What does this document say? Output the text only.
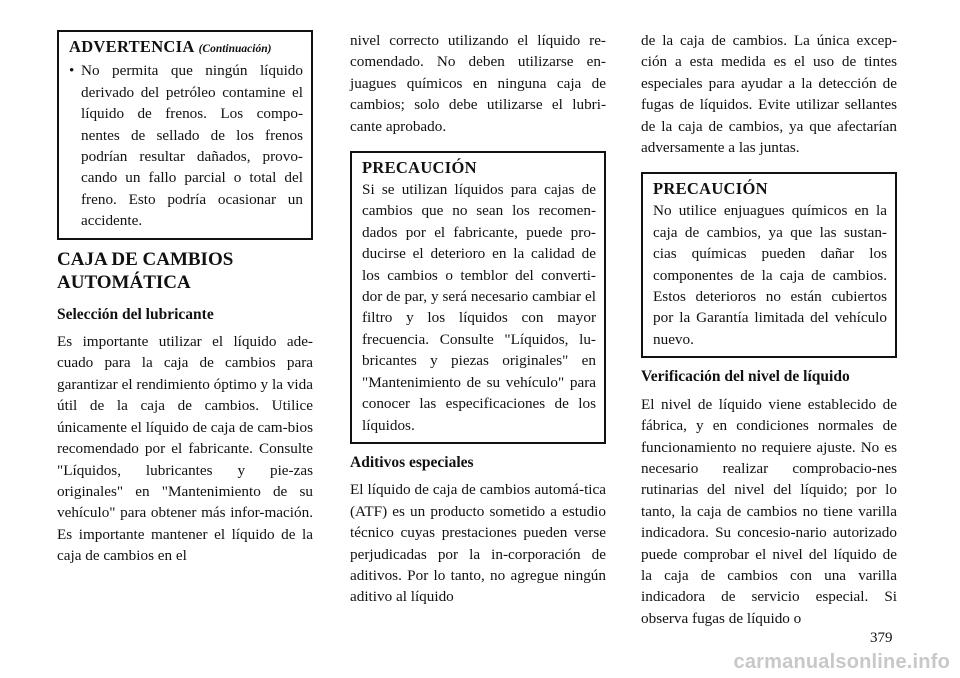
ADVERTENCIA (Continuación)
• No permita que ningún líquido derivado del petróleo contamine el líquido de frenos. Los compo-nentes de sellado de los frenos podrían resultar dañados, provo-cando un fallo parcial o total del freno. Esto podría ocasionar un accidente.
CAJA DE CAMBIOS AUTOMÁTICA
Selección del lubricante

Es importante utilizar el líquido ade-cuado para la caja de cambios para garantizar el rendimiento óptimo y la vida útil de la caja de cambios. Utilice únicamente el líquido de caja de cam-bios recomendado por el fabricante. Consulte "Líquidos, lubricantes y pie-zas originales" en "Mantenimiento de su vehículo" para obtener más infor-mación. Es importante mantener el líquido de la caja de cambios en el

nivel correcto utilizando el líquido re-comendado. No deben utilizarse en-juagues químicos en ninguna caja de cambios; solo debe utilizarse el lubri-cante aprobado.

PRECAUCIÓN
Si se utilizan líquidos para cajas de cambios que no sean los recomen-dados por el fabricante, puede pro-ducirse el deterioro en la calidad de los cambios o temblor del converti-dor de par, y será necesario cambiar el filtro y los líquidos con mayor frecuencia. Consulte "Líquidos, lu-bricantes y piezas originales" en "Mantenimiento de su vehículo" para conocer las especificaciones de los líquidos.
Aditivos especiales

El líquido de caja de cambios automá-tica (ATF) es un producto sometido a estudio técnico cuyas prestaciones pueden verse perjudicadas por la in-corporación de aditivos. Por lo tanto, no agregue ningún aditivo al líquido

de la caja de cambios. La única excep-ción a esta medida es el uso de tintes especiales para ayudar a la detección de fugas de líquidos. Evite utilizar sellantes de la caja de cambios, ya que afectarían adversamente a las juntas.

PRECAUCIÓN
No utilice enjuagues químicos en la caja de cambios, ya que las sustan-cias químicas pueden dañar los componentes de la caja de cambios. Estos deterioros no están cubiertos por la Garantía limitada del vehículo nuevo.
Verificación del nivel de líquido

El nivel de líquido viene establecido de fábrica, y en condiciones normales de funcionamiento no requiere ajuste. No es necesario realizar comprobacio-nes rutinarias del nivel del líquido; por lo tanto, la caja de cambios no tiene varilla indicadora. Su concesio-nario autorizado puede comprobar el nivel del líquido de la caja de cambios con una varilla indicadora de servicio especial. Si observa fugas de líquido o

379
carmanualsonline.info
